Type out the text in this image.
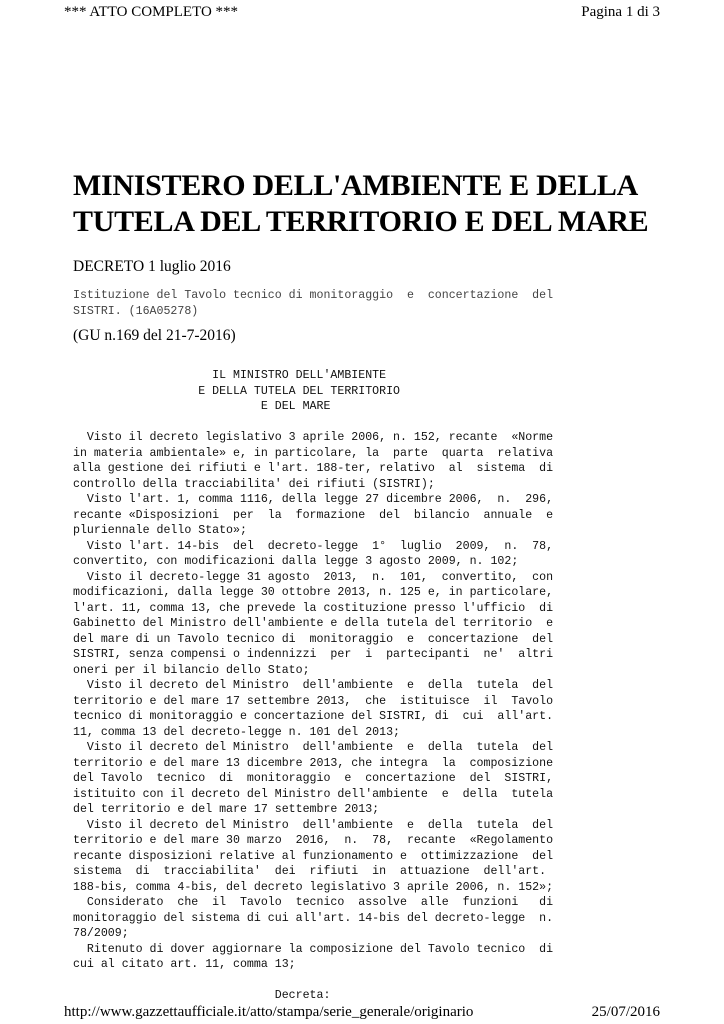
*** ATTO COMPLETO ***	Pagina 1 di 3
MINISTERO DELL'AMBIENTE E DELLA TUTELA DEL TERRITORIO E DEL MARE
DECRETO 1 luglio 2016
Istituzione del Tavolo tecnico di monitoraggio  e  concertazione  del
SISTRI. (16A05278)
(GU n.169 del 21-7-2016)
IL MINISTRO DELL'AMBIENTE
E DELLA TUTELA DEL TERRITORIO
E DEL MARE

Visto il decreto legislativo 3 aprile 2006, n. 152, recante  «Norme
in materia ambientale» e, in particolare, la  parte  quarta  relativa
alla gestione dei rifiuti e l'art. 188-ter, relativo  al  sistema  di
controllo della tracciabilita' dei rifiuti (SISTRI);
Visto l'art. 1, comma 1116, della legge 27 dicembre 2006,  n.  296,
recante «Disposizioni  per  la  formazione  del  bilancio  annuale  e
pluriennale dello Stato»;
Visto l'art. 14-bis  del  decreto-legge  1°  luglio  2009,  n.  78,
convertito, con modificazioni dalla legge 3 agosto 2009, n. 102;
Visto il decreto-legge 31 agosto  2013,  n.  101,  convertito,  con
modificazioni, dalla legge 30 ottobre 2013, n. 125 e, in particolare,
l'art. 11, comma 13, che prevede la costituzione presso l'ufficio  di
Gabinetto del Ministro dell'ambiente e della tutela del territorio  e
del mare di un Tavolo tecnico di  monitoraggio  e  concertazione  del
SISTRI, senza compensi o indennizzi  per  i  partecipanti  ne'  altri
oneri per il bilancio dello Stato;
Visto il decreto del Ministro  dell'ambiente  e  della  tutela  del
territorio e del mare 17 settembre 2013,  che  istituisce  il  Tavolo
tecnico di monitoraggio e concertazione del SISTRI, di  cui  all'art.
11, comma 13 del decreto-legge n. 101 del 2013;
Visto il decreto del Ministro  dell'ambiente  e  della  tutela  del
territorio e del mare 13 dicembre 2013, che integra  la  composizione
del Tavolo  tecnico  di  monitoraggio  e  concertazione  del  SISTRI,
istituito con il decreto del Ministro dell'ambiente  e  della  tutela
del territorio e del mare 17 settembre 2013;
Visto il decreto del Ministro  dell'ambiente  e  della  tutela  del
territorio e del mare 30 marzo  2016,  n.  78,  recante  «Regolamento
recante disposizioni relative al funzionamento e  ottimizzazione  del
sistema  di  tracciabilita'  dei  rifiuti  in  attuazione  dell'art.
188-bis, comma 4-bis, del decreto legislativo 3 aprile 2006, n. 152»;
Considerato  che  il  Tavolo  tecnico  assolve  alle  funzioni   di
monitoraggio del sistema di cui all'art. 14-bis del decreto-legge  n.
78/2009;
Ritenuto di dover aggiornare la composizione del Tavolo tecnico  di
cui al citato art. 11, comma 13;

Decreta:
http://www.gazzettaufficiale.it/atto/stampa/serie_generale/originario	25/07/2016
